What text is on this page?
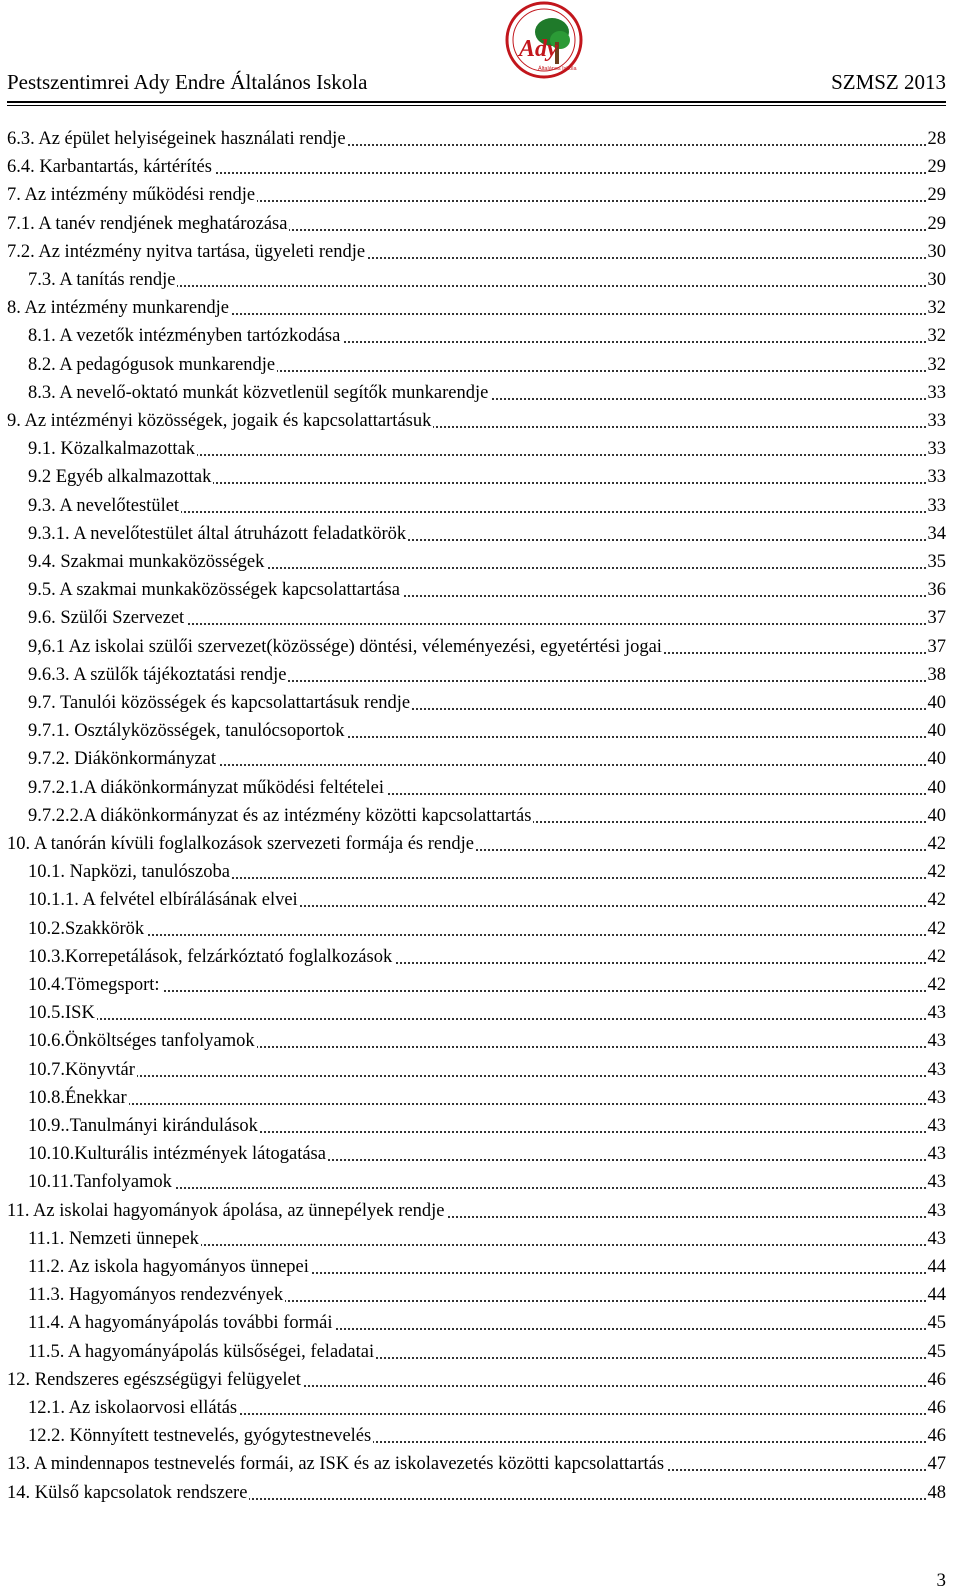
Pestszentimrei Ady Endre Általános Iskola	SZMSZ 2013
Ady
Általános Iskola
6.3. Az épület helyiségeinek használati rendje	28
6.4. Karbantartás, kártérítés	29
7. Az intézmény működési rendje	29
7.1. A tanév rendjének meghatározása	29
7.2. Az intézmény nyitva tartása, ügyeleti rendje	30
7.3. A tanítás rendje	30
8. Az intézmény munkarendje	32
8.1. A vezetők intézményben tartózkodása	32
8.2. A pedagógusok munkarendje	32
8.3. A nevelő-oktató munkát közvetlenül segítők munkarendje	33
9. Az intézményi közösségek, jogaik és kapcsolattartásuk	33
9.1. Közalkalmazottak	33
9.2 Egyéb alkalmazottak	33
9.3. A nevelőtestület	33
9.3.1. A nevelőtestület által átruházott feladatkörök	34
9.4. Szakmai munkaközösségek	35
9.5. A szakmai munkaközösségek kapcsolattartása	36
9.6. Szülői Szervezet	37
9,6.1 Az iskolai szülői szervezet(közössége) döntési, véleményezési, egyetértési jogai	37
9.6.3. A szülők tájékoztatási rendje	38
9.7. Tanulói közösségek és kapcsolattartásuk rendje	40
9.7.1. Osztályközösségek, tanulócsoportok	40
9.7.2. Diákönkormányzat	40
9.7.2.1.A diákönkormányzat működési feltételei	40
9.7.2.2.A diákönkormányzat és az intézmény közötti kapcsolattartás	40
10. A tanórán kívüli foglalkozások szervezeti formája és rendje	42
10.1. Napközi, tanulószoba	42
10.1.1. A felvétel elbírálásának elvei	42
10.2.Szakkörök	42
10.3.Korrepetálások, felzárkóztató foglalkozások	42
10.4.Tömegsport:	42
10.5.ISK	43
10.6.Önköltséges tanfolyamok	43
10.7.Könyvtár	43
10.8.Énekkar	43
10.9..Tanulmányi kirándulások	43
10.10.Kulturális intézmények látogatása	43
10.11.Tanfolyamok	43
11. Az iskolai hagyományok ápolása, az ünnepélyek rendje	43
11.1. Nemzeti ünnepek	43
11.2. Az iskola hagyományos ünnepei	44
11.3. Hagyományos rendezvények	44
11.4. A hagyományápolás további formái	45
11.5. A hagyományápolás külsőségei, feladatai	45
12. Rendszeres egészségügyi felügyelet	46
12.1. Az iskolaorvosi ellátás	46
12.2. Könnyített testnevelés, gyógytestnevelés	46
13. A mindennapos testnevelés formái, az ISK és az iskolavezetés közötti kapcsolattartás	47
14. Külső kapcsolatok rendszere	48
3
